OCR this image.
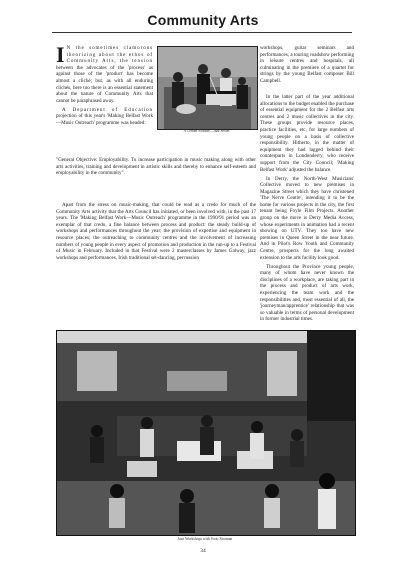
Community Arts

I N the sometimes clamorous theorizing about the ethos of Community Arts, the tension between the advocates of the 'process' as against those of the 'product' has become almost a cliché; but, as with all enduring clichés, here too there is an essential statement about the nature of Community Arts that cannot be paraphrased away.

A Department of Education projection of this year's 'Making Belfast Work—Music Outreach' programme was headed:

"General Objective: Employability. To increase participation in music making along with other arts activities, training and development in artistic skills and thereby to enhance self-esteem and employability in the community".

Apart from the stress on music-making, that could be read as a credo for much of the Community Arts activity that the Arts Council has initiated, or been involved with, in the past 17 years. The 'Making Belfast Work—Music Outreach' programme in the 1990/91 period was an exemplar of that credo, a fine balance between process and product: the steady build-up of workshops and performances throughout the year; the provision of expertise and equipment in resource places; the outreaching to community centres and the involvement of increasing numbers of young people in every aspect of promotion and production in the run-up to a Festival of Music in February. Included in that Festival were 2 masterclasses by James Galway, jazz workshops and performances, Irish traditional set-dancing, percussion

A Certain Attitude—Jazz Sextet

workshops, guitar seminars and performances, a touring roadshow performing in leisure centres and hospitals, all culminating in the premiere of a quartet for strings by the young Belfast composer Bill Campbell.

In the latter part of the year additional allocations to the budget enabled the purchase of essential equipment for the 2 Belfast arts centres and 2 music collectives in the city. These groups provide resource places, practice facilities, etc, for large numbers of young people on a basis of collective responsibility. Hitherto, in the matter of equipment they had lagged behind their counterparts in Londonderry, who receive support from the City Council; 'Making Belfast Work' adjusted the balance.

In Derry, the North-West Musicians' Collective moved to new premises in Magazine Street which they have christened 'The Nerve Centre', intending it to be the home for various projects in the city, the first tenant being Foyle Film Projects. Another group on the move is Derry Media Access, whose experiments in animation had a recent showing on UTV. They too have new premises in Queen Street in the near future. And in Pilot's Row Youth and Community Centre, prospects for the long awaited extension to the arts facility look good.

Throughout the Province young people, many of whom have never known the disciplines of a workplace, are taking part in the process and product of arts work, experiencing the team work and the responsibilities and, most essential of all, the 'journeyman/apprentice' relationship that was so valuable in terms of personal development in former industrial times.

Jazz Workshops with Scott Stroman
34
